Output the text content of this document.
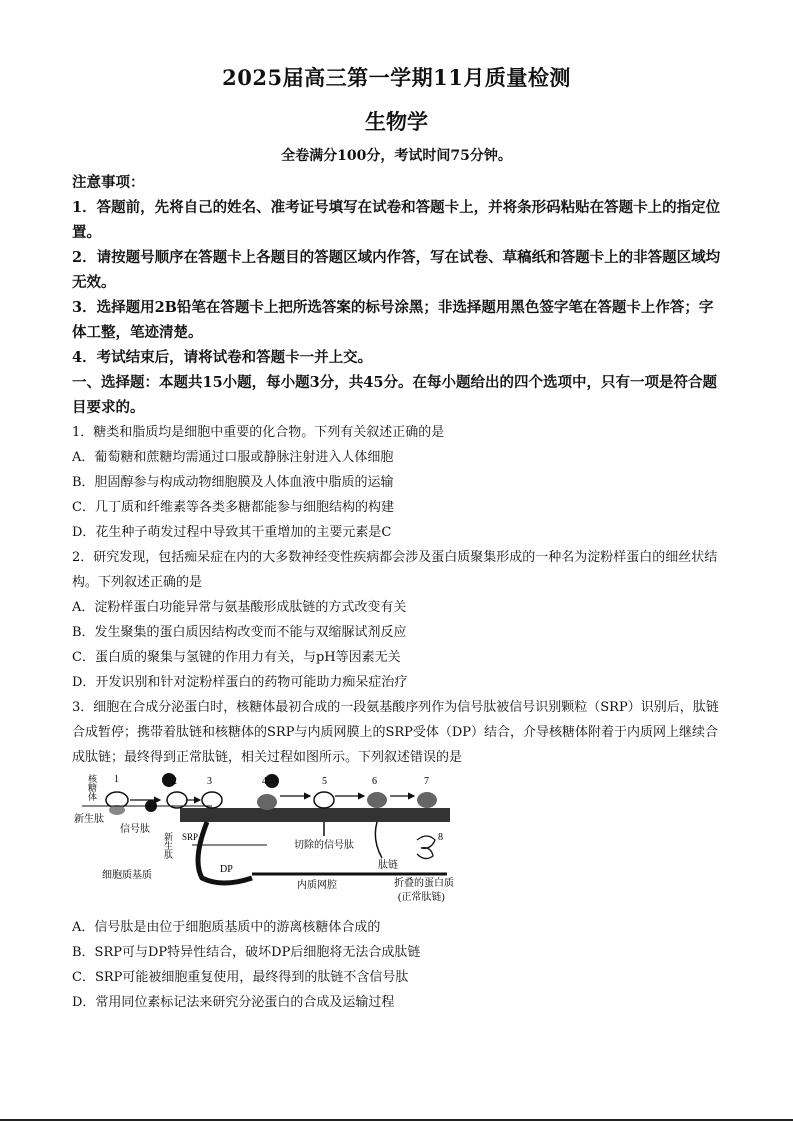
2025届高三第一学期11月质量检测
生物学
全卷满分100分，考试时间75分钟。
注意事项：
1．答题前，先将自己的姓名、准考证号填写在试卷和答题卡上，并将条形码粘贴在答题卡上的指定位置。
2．请按题号顺序在答题卡上各题目的答题区域内作答，写在试卷、草稿纸和答题卡上的非答题区域均无效。
3．选择题用2B铅笔在答题卡上把所选答案的标号涂黑；非选择题用黑色签字笔在答题卡上作答；字体工整，笔迹清楚。
4．考试结束后，请将试卷和答题卡一并上交。
一、选择题：本题共15小题，每小题3分，共45分。在每小题给出的四个选项中，只有一项是符合题目要求的。
1．糖类和脂质均是细胞中重要的化合物。下列有关叙述正确的是
A．葡萄糖和蔗糖均需通过口服或静脉注射进入人体细胞
B．胆固醇参与构成动物细胞膜及人体血液中脂质的运输
C．几丁质和纤维素等各类多糖都能参与细胞结构的构建
D．花生种子萌发过程中导致其干重增加的主要元素是C
2．研究发现，包括痴呆症在内的大多数神经变性疾病都会涉及蛋白质聚集形成的一种名为淀粉样蛋白的细丝状结构。下列叙述正确的是
A．淀粉样蛋白功能异常与氨基酸形成肽链的方式改变有关
B．发生聚集的蛋白质因结构改变而不能与双缩脲试剂反应
C．蛋白质的聚集与氢键的作用力有关，与pH等因素无关
D．开发识别和针对淀粉样蛋白的药物可能助力痴呆症治疗
3．细胞在合成分泌蛋白时，核糖体最初合成的一段氨基酸序列作为信号肽被信号识别颗粒（SRP）识别后，肽链合成暂停；携带着肽链和核糖体的SRP与内质网膜上的SRP受体（DP）结合，介导核糖体附着于内质网上继续合成肽链；最终得到正常肽链，相关过程如图所示。下列叙述错误的是
1	2	3	4	5	6	7
8
核糖体
新生肽
信号肽
新生肽 SRP
DP
细胞质基质
内质网腔
切除的信号肽
肽链
折叠的蛋白质
(正常肽链)
A．信号肽是由位于细胞质基质中的游离核糖体合成的
B．SRP可与DP特异性结合，破坏DP后细胞将无法合成肽链
C．SRP可能被细胞重复使用，最终得到的肽链不含信号肽
D．常用同位素标记法来研究分泌蛋白的合成及运输过程
